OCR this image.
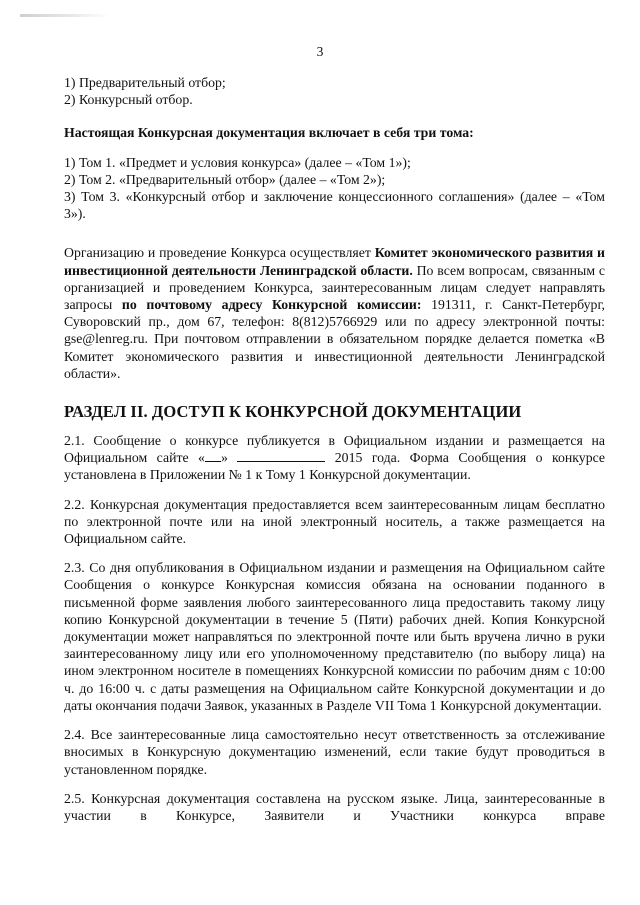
3

1) Предварительный отбор;

2) Конкурсный отбор.

Настоящая Конкурсная документация включает в себя три тома:

1) Том 1. «Предмет и условия конкурса» (далее – «Том 1»);

2) Том 2. «Предварительный отбор» (далее – «Том 2»);

3) Том 3. «Конкурсный отбор и заключение концессионного соглашения» (далее – «Том 3»).

Организацию и проведение Конкурса осуществляет Комитет экономического развития и инвестиционной деятельности Ленинградской области. По всем вопросам, связанным с организацией и проведением Конкурса, заинтересованным лицам следует направлять запросы по почтовому адресу Конкурсной комиссии: 191311, г. Санкт-Петербург, Суворовский пр., дом 67, телефон: 8(812)5766929 или по адресу электронной почты: gse@lenreg.ru. При почтовом отправлении в обязательном порядке делается пометка «В Комитет экономического развития и инвестиционной деятельности Ленинградской области».

РАЗДЕЛ II. ДОСТУП К КОНКУРСНОЙ ДОКУМЕНТАЦИИ

2.1. Сообщение о конкурсе публикуется в Официальном издании и размещается на Официальном сайте « »	2015 года. Форма Сообщения о конкурсе установлена в Приложении № 1 к Тому 1 Конкурсной документации.

2.2. Конкурсная документация предоставляется всем заинтересованным лицам бесплатно по электронной почте или на иной электронный носитель, а также размещается на Официальном сайте.

2.3. Со дня опубликования в Официальном издании и размещения на Официальном сайте Сообщения о конкурсе Конкурсная комиссия обязана на основании поданного в письменной форме заявления любого заинтересованного лица предоставить такому лицу копию Конкурсной документации в течение 5 (Пяти) рабочих дней. Копия Конкурсной документации может направляться по электронной почте или быть вручена лично в руки заинтересованному лицу или его уполномоченному представителю (по выбору лица) на ином электронном носителе в помещениях Конкурсной комиссии по рабочим дням с 10:00 ч. до 16:00 ч. с даты размещения на Официальном сайте Конкурсной документации и до даты окончания подачи Заявок, указанных в Разделе VII Тома 1 Конкурсной документации.

2.4. Все заинтересованные лица самостоятельно несут ответственность за отслеживание вносимых в Конкурсную документацию изменений, если такие будут проводиться в установленном порядке.

2.5. Конкурсная документация составлена на русском языке. Лица, заинтересованные в участии в Конкурсе, Заявители и Участники конкурса вправе
